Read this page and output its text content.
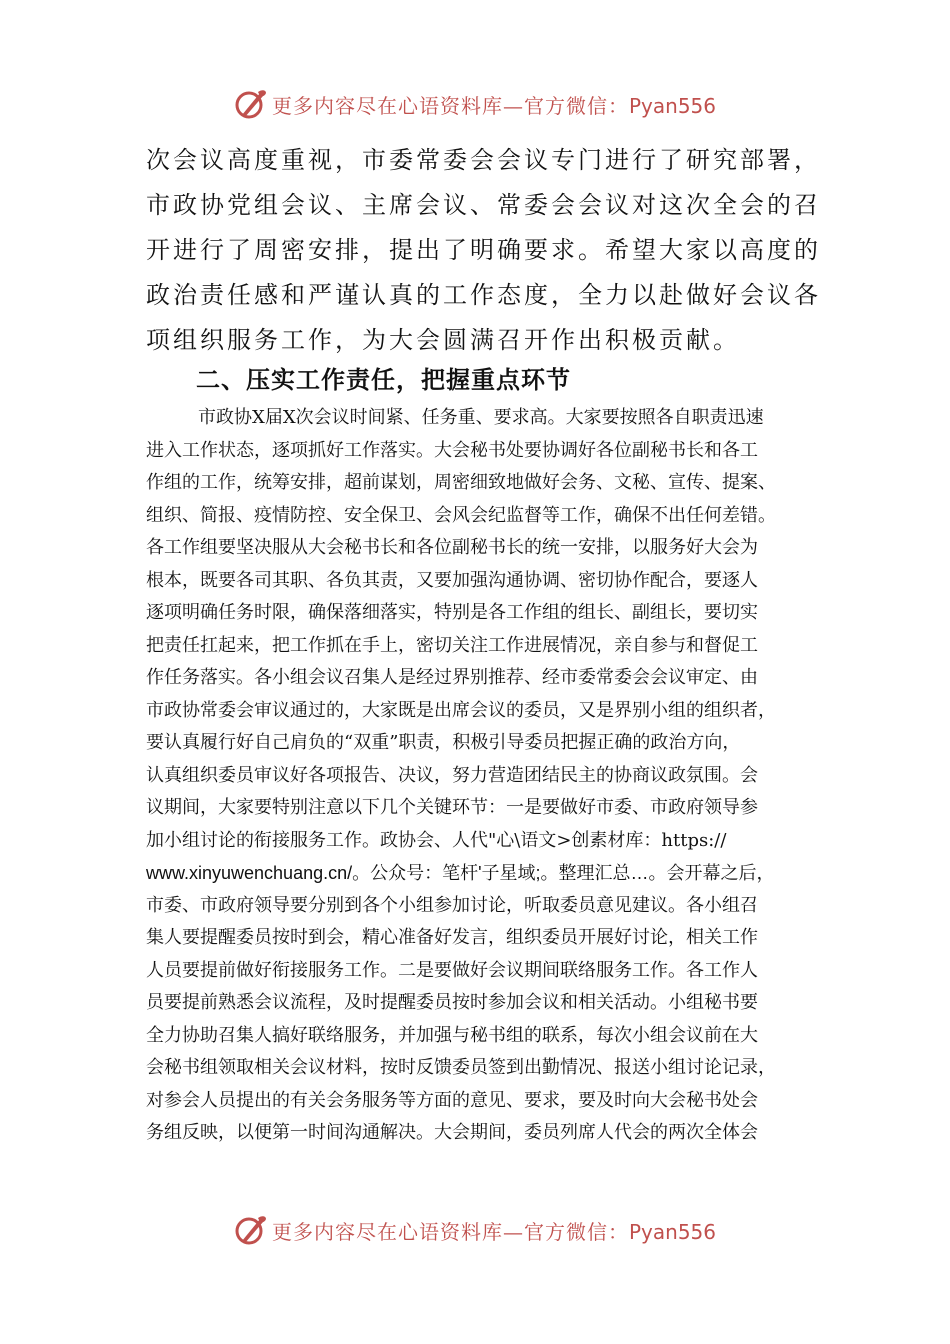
更多内容尽在心语资料库—官方微信：Pyan556
次会议高度重视，市委常委会会议专门进行了研究部署，
市政协党组会议、主席会议、常委会会议对这次全会的召
开进行了周密安排，提出了明确要求。希望大家以高度的
政治责任感和严谨认真的工作态度，全力以赴做好会议各
项组织服务工作，为大会圆满召开作出积极贡献。
二、压实工作责任，把握重点环节
市政协X届X次会议时间紧、任务重、要求高。大家要按照各自职责迅速
进入工作状态，逐项抓好工作落实。大会秘书处要协调好各位副秘书长和各工
作组的工作，统筹安排，超前谋划，周密细致地做好会务、文秘、宣传、提案、
组织、简报、疫情防控、安全保卫、会风会纪监督等工作，确保不出任何差错。
各工作组要坚决服从大会秘书长和各位副秘书长的统一安排，以服务好大会为
根本，既要各司其职、各负其责，又要加强沟通协调、密切协作配合，要逐人
逐项明确任务时限，确保落细落实，特别是各工作组的组长、副组长，要切实
把责任扛起来，把工作抓在手上，密切关注工作进展情况，亲自参与和督促工
作任务落实。各小组会议召集人是经过界别推荐、经市委常委会会议审定、由
市政协常委会审议通过的，大家既是出席会议的委员，又是界别小组的组织者，
要认真履行好自己肩负的“双重”职责，积极引导委员把握正确的政治方向，
认真组织委员审议好各项报告、决议，努力营造团结民主的协商议政氛围。会
议期间，大家要特别注意以下几个关键环节：一是要做好市委、市政府领导参
加小组讨论的衔接服务工作。政协会、人代"心\语文>创素材库：https://
www.xinyuwenchuang.cn/。公众号：笔杆'子星域;。整理汇总…。会开幕之后，
市委、市政府领导要分别到各个小组参加讨论，听取委员意见建议。各小组召
集人要提醒委员按时到会，精心准备好发言，组织委员开展好讨论，相关工作
人员要提前做好衔接服务工作。二是要做好会议期间联络服务工作。各工作人
员要提前熟悉会议流程，及时提醒委员按时参加会议和相关活动。小组秘书要
全力协助召集人搞好联络服务，并加强与秘书组的联系，每次小组会议前在大
会秘书组领取相关会议材料，按时反馈委员签到出勤情况、报送小组讨论记录，
对参会人员提出的有关会务服务等方面的意见、要求，要及时向大会秘书处会
务组反映，以便第一时间沟通解决。大会期间，委员列席人代会的两次全体会
更多内容尽在心语资料库—官方微信：Pyan556
